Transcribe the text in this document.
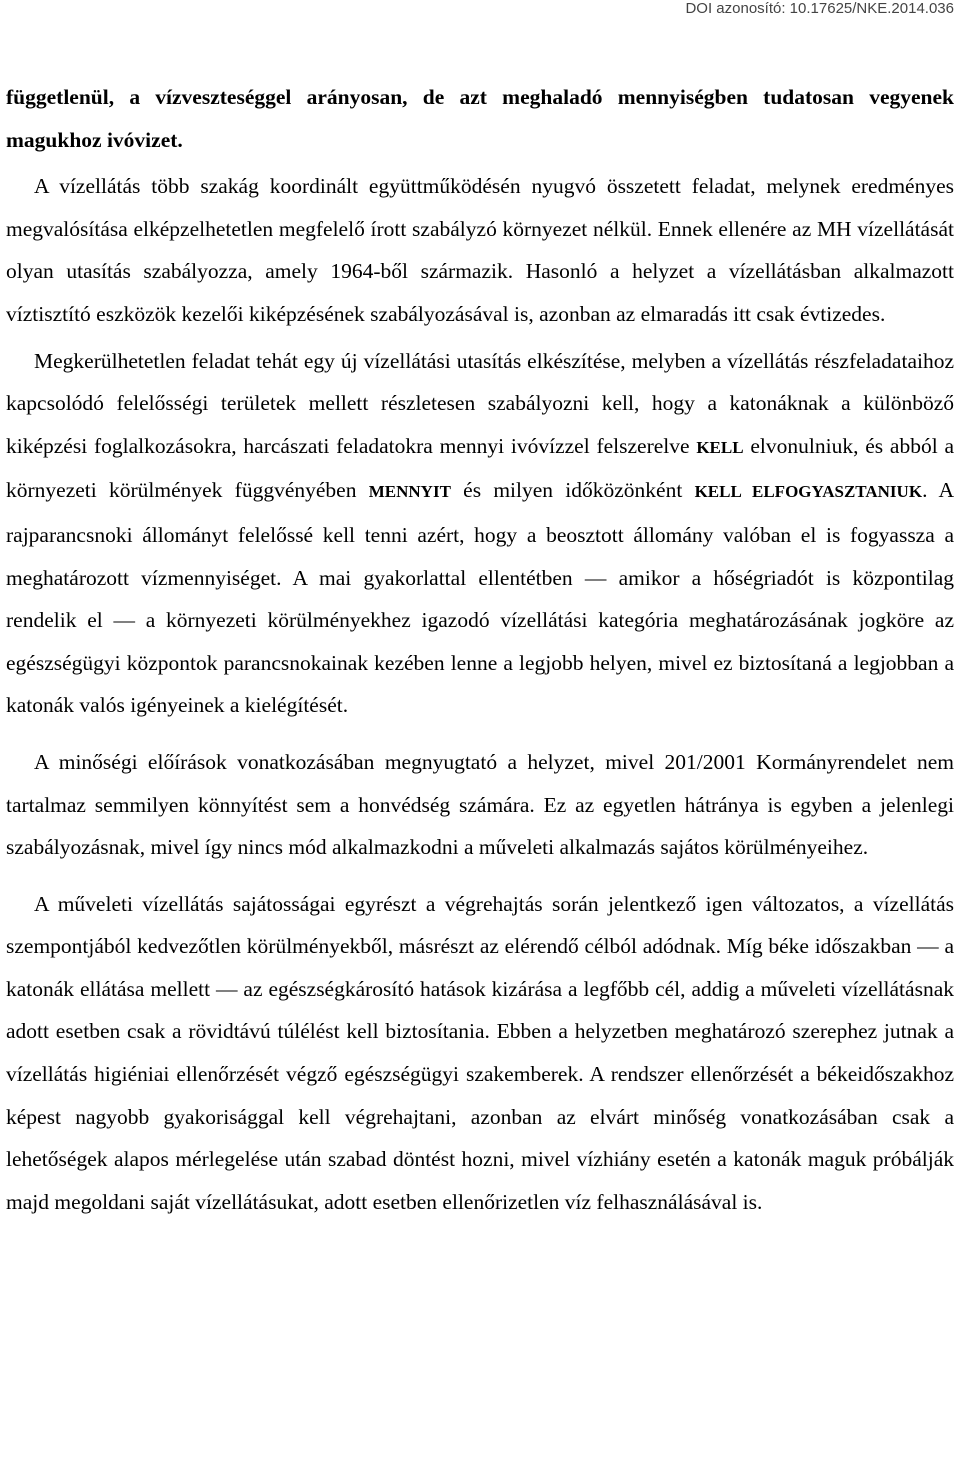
DOI azonosító: 10.17625/NKE.2014.036

függetlenül, a vízveszteséggel arányosan, de azt meghaladó mennyiségben tudatosan vegyenek magukhoz ivóvizet.

A vízellátás több szakág koordinált együttműködésén nyugvó összetett feladat, melynek eredményes megvalósítása elképzelhetetlen megfelelő írott szabályzó környezet nélkül. Ennek ellenére az MH vízellátását olyan utasítás szabályozza, amely 1964-ből származik. Hasonló a helyzet a vízellátásban alkalmazott víztisztító eszközök kezelői kiképzésének szabályozásával is, azonban az elmaradás itt csak évtizedes.

Megkerülhetetlen feladat tehát egy új vízellátási utasítás elkészítése, melyben a vízellátás részfeladataihoz kapcsolódó felelősségi területek mellett részletesen szabályozni kell, hogy a katonáknak a különböző kiképzési foglalkozásokra, harcászati feladatokra mennyi ivóvízzel felszerelve KELL elvonulniuk, és abból a környezeti körülmények függvényében MENNYIT és milyen időközönként KELL ELFOGYASZTANIUK. A rajparancsnoki állományt felelőssé kell tenni azért, hogy a beosztott állomány valóban el is fogyassza a meghatározott vízmennyiséget. A mai gyakorlattal ellentétben — amikor a hőségriadót is központilag rendelik el — a környezeti körülményekhez igazodó vízellátási kategória meghatározásának jogköre az egészségügyi központok parancsnokainak kezében lenne a legjobb helyen, mivel ez biztosítaná a legjobban a katonák valós igényeinek a kielégítését.

A minőségi előírások vonatkozásában megnyugtató a helyzet, mivel 201/2001 Kormányrendelet nem tartalmaz semmilyen könnyítést sem a honvédség számára. Ez az egyetlen hátránya is egyben a jelenlegi szabályozásnak, mivel így nincs mód alkalmazkodni a műveleti alkalmazás sajátos körülményeihez.

A műveleti vízellátás sajátosságai egyrészt a végrehajtás során jelentkező igen változatos, a vízellátás szempontjából kedvezőtlen körülményekből, másrészt az elérendő célból adódnak. Míg béke időszakban — a katonák ellátása mellett — az egészségkárosító hatások kizárása a legfőbb cél, addig a műveleti vízellátásnak adott esetben csak a rövidtávú túlélést kell biztosítania. Ebben a helyzetben meghatározó szerephez jutnak a vízellátás higiéniai ellenőrzését végző egészségügyi szakemberek. A rendszer ellenőrzését a békeidőszakhoz képest nagyobb gyakorisággal kell végrehajtani, azonban az elvárt minőség vonatkozásában csak a lehetőségek alapos mérlegelése után szabad döntést hozni, mivel vízhiány esetén a katonák maguk próbálják majd megoldani saját vízellátásukat, adott esetben ellenőrizetlen víz felhasználásával is.
